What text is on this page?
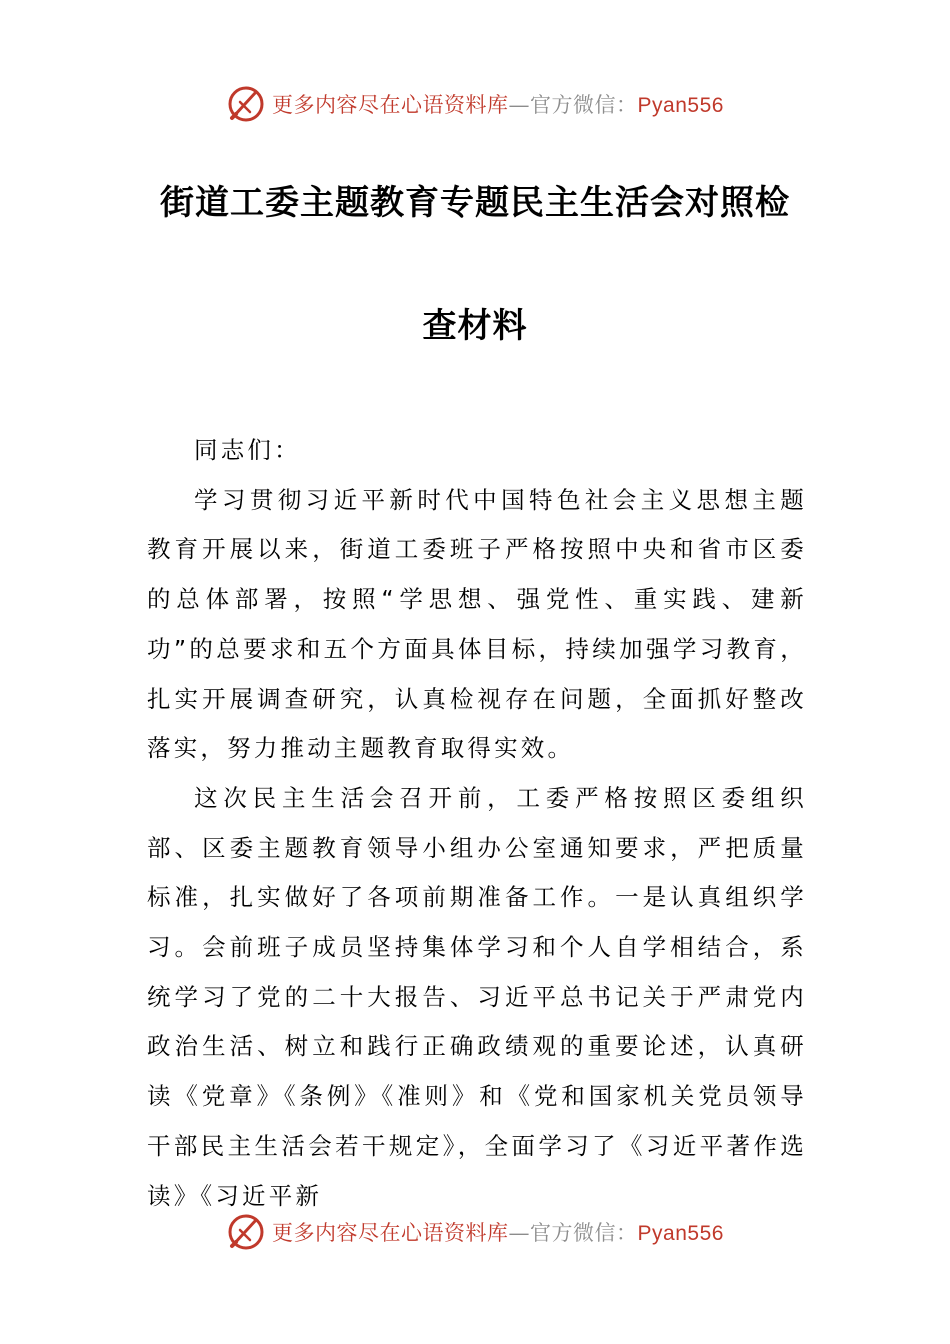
更多内容尽在心语资料库—官方微信：Pyan556
街道工委主题教育专题民主生活会对照检
查材料

同志们：

学习贯彻习近平新时代中国特色社会主义思想主题教育开展以来，街道工委班子严格按照中央和省市区委的总体部署，按照“学思想、强党性、重实践、建新功”的总要求和五个方面具体目标，持续加强学习教育，扎实开展调查研究，认真检视存在问题，全面抓好整改落实，努力推动主题教育取得实效。

这次民主生活会召开前，工委严格按照区委组织部、区委主题教育领导小组办公室通知要求，严把质量标准，扎实做好了各项前期准备工作。一是认真组织学习。会前班子成员坚持集体学习和个人自学相结合，系统学习了党的二十大报告、习近平总书记关于严肃党内政治生活、树立和践行正确政绩观的重要论述，认真研读《党章》《条例》《准则》和《党和国家机关党员领导干部民主生活会若干规定》，全面学习了《习近平著作选读》《习近平新

更多内容尽在心语资料库—官方微信：Pyan556
